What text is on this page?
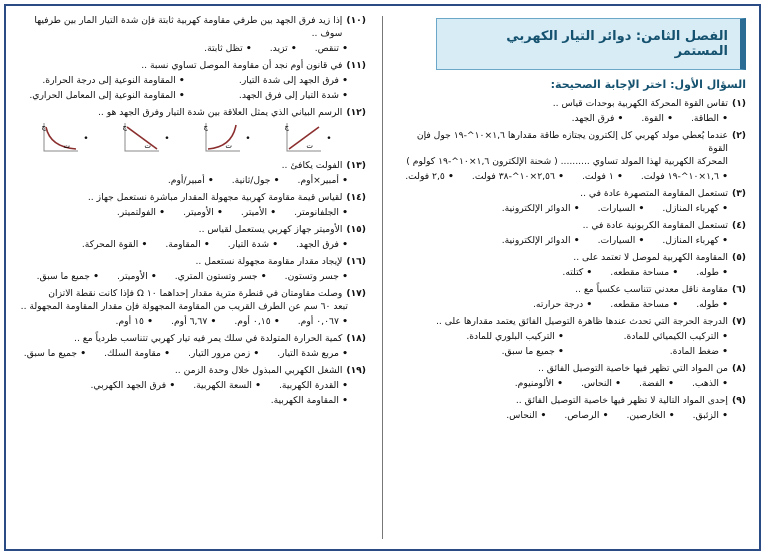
الفصل الثامن: دوائر التيار الكهربي المستمر
السؤال الأول: اختر الإجابة الصحيحة:
(١)
تقاس القوة المحركة الكهربية بوحدات قياس ..
• الطاقة.
• القوة.
• فرق الجهد.
(٢)
عندما يُعطي مولد كهربي كل إلكترون يجتازه طاقة مقدارها ١,٦×١٠^-١٩ جول فإن القوة
المحركة الكهربية لهذا المولد تساوي .......... ( شحنة الإلكترون ١,٦×١٠^-١٩ كولوم )
• ١,٦×١٠^-١٩ فولت.
• ١ فولت.
• ٢,٥٦×١٠^-٣٨ فولت.
• ٢,٥ فولت.
(٣)
تستعمل المقاومة المتصهرة عادة في ..
• كهرباء المنازل.
• السيارات.
• الدوائر الإلكترونية.
(٤)
تستعمل المقاومة الكربونية عادة في ..
• كهرباء المنازل.
• السيارات.
• الدوائر الإلكترونية.
(٥)
المقاومة الكهربية لموصل لا تعتمد على ..
• طوله.
• مساحة مقطعه.
• كتلته.
(٦)
مقاومة ناقل معدني تتناسب عكسياً مع ..
• طوله.
• مساحة مقطعه.
• درجة حرارته.
(٧)
الدرجة الحرجة التي تحدث عندها ظاهرة التوصيل الفائق يعتمد مقدارها على ..
• التركيب الكيميائي للمادة.
• التركيب البلوري للمادة.
• ضغط المادة.
• جميع ما سبق.
(٨)
من المواد التي تظهر فيها خاصية التوصيل الفائق ..
• الذهب.
• الفضة.
• النحاس.
• الألومنيوم.
(٩)
إحدى المواد التالية لا تظهر فيها خاصية التوصيل الفائق ..
• الزئبق.
• الخارصين.
• الرصاص.
• النحاس.
(١٠)
إذا زيد فرق الجهد بين طرفي مقاومة كهربية ثابتة فإن شدة التيار المار بين طرفيها سوف ..
• تنقص.
• تزيد.
• تظل ثابتة.
(١١)
في قانون أوم نجد أن مقاومة الموصل تساوي نسبة ..
• فرق الجهد إلى شدة التيار.
• المقاومة النوعية إلى درجة الحرارة.
• شدة التيار إلى فرق الجهد.
• المقاومة النوعية إلى المعامل الحراري.
(١٢)
الرسم البياني الذي يمثل العلاقة بين شدة التيار وفرق الجهد هو ..
•
ج
ت
•
ج
ت
•
ج
ت
•
ج
ت
(١٣)
الفولت يكافئ ..
• أمبير×أوم.
• جول/ثانية.
• أمبير/أوم.
(١٤)
لقياس قيمة مقاومة كهربية مجهولة المقدار مباشرة نستعمل جهاز ..
• الجلفانومتر.
• الأميتر.
• الأوميتر.
• الفولتميتر.
(١٥)
الأوميتر جهاز كهربي يستعمل لقياس ..
• فرق الجهد.
• شدة التيار.
• المقاومة.
• القوة المحركة.
(١٦)
لإيجاد مقدار مقاومة مجهولة نستعمل ..
• جسر وتستون.
• جسر وتستون المتري.
• الأوميتر.
• جميع ما سبق.
(١٧)
وصلت مقاومتان في قنطرة مترية مقدار إحداهما ١٠ Ω فإذا كانت نقطة الاتزان
تبعد ٦٠ سم عن الطرف القريب من المقاومة المجهولة فإن مقدار المقاومة المجهولة ..
• ٠,٠٦٧ أوم.
• ٠,١٥ أوم.
• ٦,٦٧ أوم.
• ١٥ أوم.
(١٨)
كمية الحرارة المتولدة في سلك يمر فيه تيار كهربي تتناسب طردياً مع ..
• مربع شدة التيار.
• زمن مرور التيار.
• مقاومة السلك.
• جميع ما سبق.
(١٩)
الشغل الكهربي المبذول خلال وحدة الزمن ..
• القدرة الكهربية.
• السعة الكهربية.
• فرق الجهد الكهربي.
• المقاومة الكهربية.
